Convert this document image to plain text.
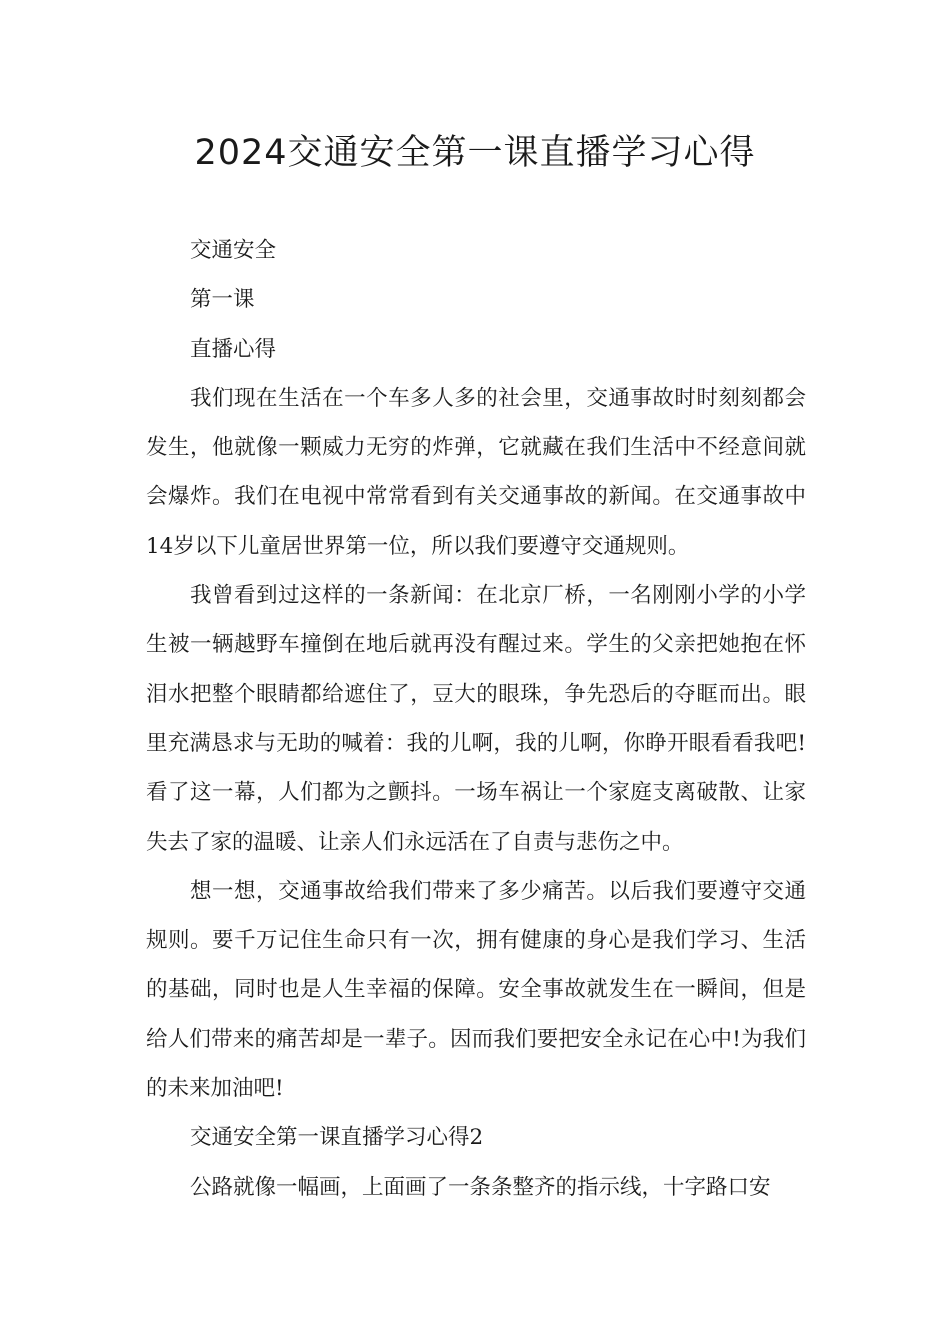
2024交通安全第一课直播学习心得

交通安全

第一课

直播心得

我们现在生活在一个车多人多的社会里，交通事故时时刻刻都会发生，他就像一颗威力无穷的炸弹，它就藏在我们生活中不经意间就会爆炸。我们在电视中常常看到有关交通事故的新闻。在交通事故中14岁以下儿童居世界第一位，所以我们要遵守交通规则。

我曾看到过这样的一条新闻：在北京厂桥，一名刚刚小学的小学生被一辆越野车撞倒在地后就再没有醒过来。学生的父亲把她抱在怀泪水把整个眼睛都给遮住了，豆大的眼珠，争先恐后的夺眶而出。眼里充满恳求与无助的喊着：我的儿啊，我的儿啊，你睁开眼看看我吧!看了这一幕，人们都为之颤抖。一场车祸让一个家庭支离破散、让家失去了家的温暖、让亲人们永远活在了自责与悲伤之中。

想一想，交通事故给我们带来了多少痛苦。以后我们要遵守交通规则。要千万记住生命只有一次，拥有健康的身心是我们学习、生活的基础，同时也是人生幸福的保障。安全事故就发生在一瞬间，但是给人们带来的痛苦却是一辈子。因而我们要把安全永记在心中!为我们的未来加油吧!

交通安全第一课直播学习心得2

公路就像一幅画，上面画了一条条整齐的指示线，十字路口安
